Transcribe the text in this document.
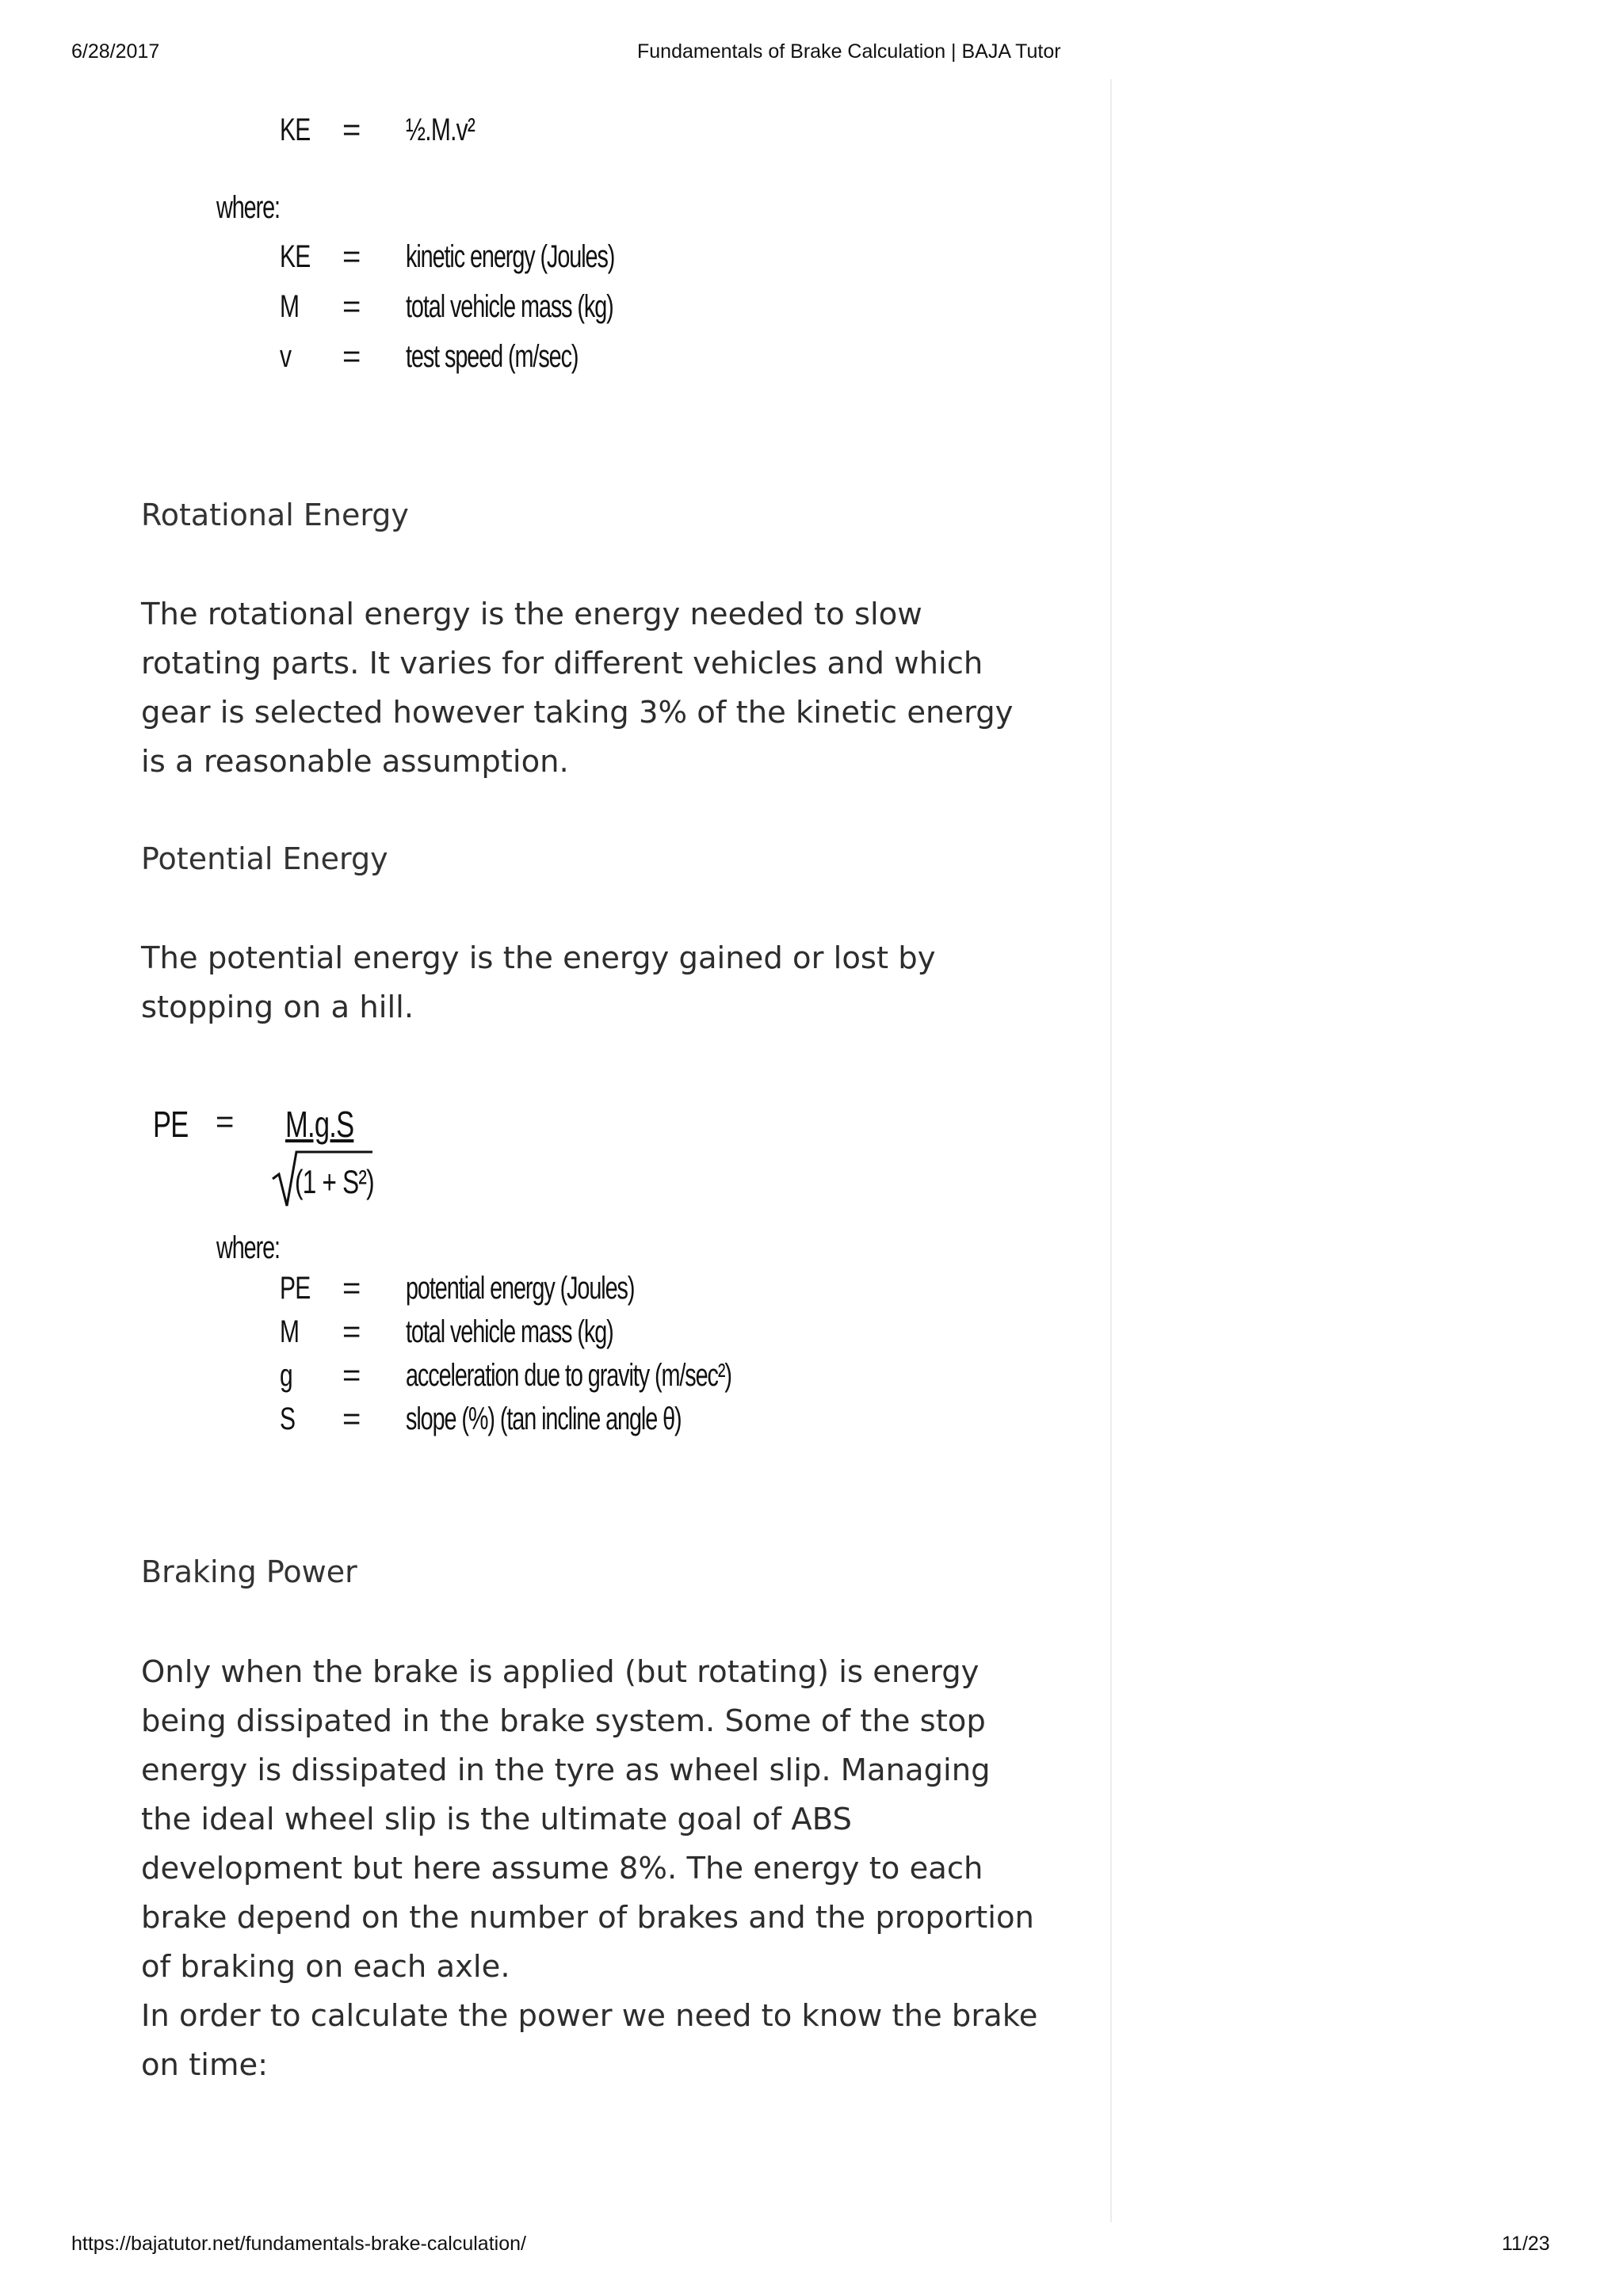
6/28/2017	Fundamentals of Brake Calculation | BAJA Tutor
KE = ½.M.v²
where:
KE = kinetic energy (Joules)
M = total vehicle mass (kg)
v = test speed (m/sec)
Rotational Energy

The rotational energy is the energy needed to slow rotating parts. It varies for different vehicles and which gear is selected however taking 3% of the kinetic energy is a reasonable assumption.

Potential Energy

The potential energy is the energy gained or lost by stopping on a hill.

PE = M.g.S
(1 + S²)
where:
PE = potential energy (Joules)
M = total vehicle mass (kg)
g = acceleration due to gravity (m/sec²)
S = slope (%) (tan incline angle θ)
Braking Power

Only when the brake is applied (but rotating) is energy being dissipated in the brake system. Some of the stop energy is dissipated in the tyre as wheel slip. Managing the ideal wheel slip is the ultimate goal of ABS development but here assume 8%. The energy to each brake depend on the number of brakes and the proportion of braking on each axle.

In order to calculate the power we need to know the brake on time:

https://bajatutor.net/fundamentals-brake-calculation/	11/23
